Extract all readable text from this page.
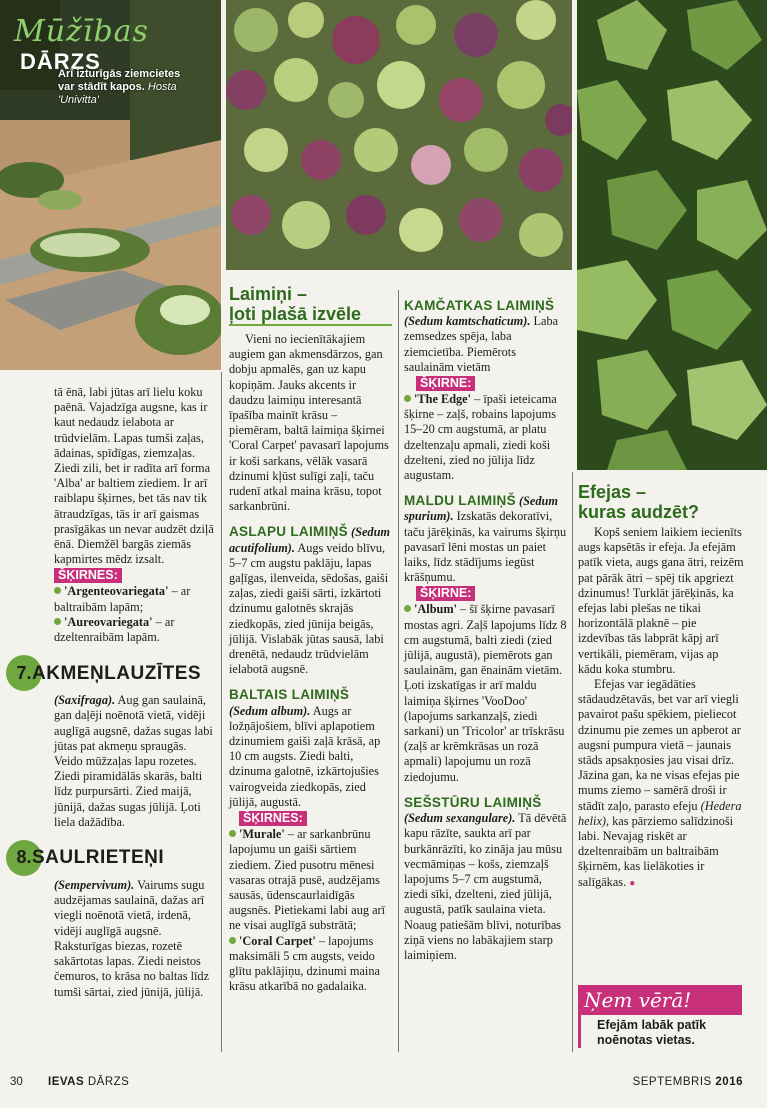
Mūžības DĀRZS
Arī izturīgās ziemcietes var stādīt kapos. Hosta 'Univitta'

tā ēnā, labi jūtas arī lielu koku paēnā. Vajadzīga augsne, kas ir kaut nedaudz ielabota ar trūdvielām. Lapas tumši zaļas, ādainas, spīdīgas, ziemzaļas. Ziedi zili, bet ir radīta arī forma 'Alba' ar baltiem ziediem. Ir arī raiblapu šķirnes, bet tās nav tik ātraudzīgas, tās ir arī gaismas prasīgākas un nevar audzēt dziļā ēnā. Diemžēl bargās ziemās kapmirtes mēdz izsalt.

ŠĶIRNES:

'Argenteovariegata' – ar baltraibām lapām;

'Aureovariegata' – ar dzeltenraibām lapām.

7. AKMEŅLAUZĪTES

(Saxifraga). Aug gan saulainā, gan daļēji noēnotā vietā, vidēji auglīgā augsnē, dažas sugas labi jūtas pat akmeņu spraugās. Veido mūžzaļas lapu rozetes. Ziedi piramidālās skarās, balti līdz purpursārti. Zied maijā, jūnijā, dažas sugas jūlijā. Ļoti liela dažādība.

8. SAULRIETEŅI

(Sempervivum). Vairums sugu audzējamas saulainā, dažas arī viegli noēnotā vietā, irdenā, vidēji auglīgā augsnē. Raksturīgas biezas, rozetē sakārtotas lapas. Ziedi neistos čemuros, to krāsa no baltas līdz tumši sārtai, zied jūnijā, jūlijā.

Laimiņi –
ļoti plašā izvēle

Vieni no iecienītākajiem augiem gan akmensdārzos, gan dobju apmalēs, gan uz kapu kopiņām. Jauks akcents ir daudzu laimiņu interesantā īpašība mainīt krāsu – piemēram, baltā laimiņa šķirnei 'Coral Carpet' pavasarī lapojums ir koši sarkans, vēlāk vasarā dzinumi kļūst sulīgi zaļi, taču rudenī atkal maina krāsu, topot sarkanbrūni.

ASLAPU LAIMIŅŠ (Sedum acutifolium). Augs veido blīvu, 5–7 cm augstu paklāju, lapas gaļīgas, ilenveida, sēdošas, gaiši zaļas, ziedi gaiši sārti, izkārtoti dzinumu galotnēs skrajās ziedkopās, zied jūnija beigās, jūlijā. Vislabāk jūtas sausā, labi drenētā, nedaudz trūdvielām ielabotā augsnē.

BALTAIS LAIMIŅŠ
(Sedum album). Augs ar ložņājošiem, blīvi aplapotiem dzinumiem gaiši zaļā krāsā, ap 10 cm augsts. Ziedi balti, dzinuma galotnē, izkārtojušies vairogveida ziedkopās, zied jūlijā, augustā.

ŠĶIRNES:

'Murale' – ar sarkanbrūnu lapojumu un gaiši sārtiem ziediem. Zied pusotru mēnesi vasaras otrajā pusē, audzējams sausās, ūdenscaurlaidīgās augsnēs. Pietiekami labi aug arī ne visai auglīgā substrātā;

'Coral Carpet' – lapojums maksimāli 5 cm augsts, veido glītu paklājiņu, dzinumi maina krāsu atkarībā no gadalaika.

KAMČATKAS LAIMIŅŠ (Sedum kamtschaticum). Laba zemsedzes spēja, laba ziemcietība. Piemērots saulainām vietām

ŠĶIRNE:

'The Edge' – īpaši ieteicama šķirne – zaļš, robains lapojums 15–20 cm augstumā, ar platu dzeltenzaļu apmali, ziedi koši dzelteni, zied no jūlija līdz augustam.

MALDU LAIMIŅŠ (Sedum spurium). Izskatās dekoratīvi, taču jārēķinās, ka vairums šķirņu pavasarī lēni mostas un paiet laiks, līdz stādījums iegūst krāšņumu.

ŠĶIRNE:

'Album' – šī šķirne pavasarī mostas agri. Zaļš lapojums līdz 8 cm augstumā, balti ziedi (zied jūlijā, augustā), piemērots gan saulainām, gan ēnainām vietām. Ļoti izskatīgas ir arī maldu laimiņa šķirnes 'VooDoo' (lapojums sarkanzaļš, ziedi sarkani) un 'Tricolor' ar trīskrāsu (zaļš ar krēmkrāsas un rozā apmali) lapojumu un rozā ziedojumu.

SEŠSTŪRU LAIMIŅŠ
(Sedum sexangulare). Tā dēvētā kapu rāzīte, saukta arī par burkānrāzīti, ko zināja jau mūsu vecmāmiņas – košs, ziemzaļš lapojums 5–7 cm augstumā, ziedi sīki, dzelteni, zied jūlijā, augustā, patīk saulaina vieta. Noaug patiešām blīvi, noturības ziņā viens no labākajiem starp laimiņiem.

Efejas –
kuras audzēt?

Kopš seniem laikiem iecienīts augs kapsētās ir efeja. Ja efejām patīk vieta, augs gana ātri, reizēm pat pārāk ātri – spēj tik apgriezt dzinumus! Turklāt jārēķinās, ka efejas labi plešas ne tikai horizontālā plaknē – pie izdevības tās labprāt kāpj arī vertikāli, piemēram, vijas ap kādu koka stumbru.

Efejas var iegādāties stādaudzētavās, bet var arī viegli pavairot pašu spēkiem, pieliecot dzinumu pie zemes un apberot ar augsni pumpura vietā – jaunais stāds apsakņosies jau visai drīz. Jāzina gan, ka ne visas efejas pie mums ziemo – samērā droši ir stādīt zaļo, parasto efeju (Hedera helix), kas pārziemo salīdzinoši labi. Nevajag riskēt ar dzeltenraibām un baltraibām šķirnēm, kas lielākoties ir salīgākas. ●

Ņem vērā!
Efejām labāk patīk noēnotas vietas.
30 IEVAS DĀRZS	SEPTEMBRIS 2016
